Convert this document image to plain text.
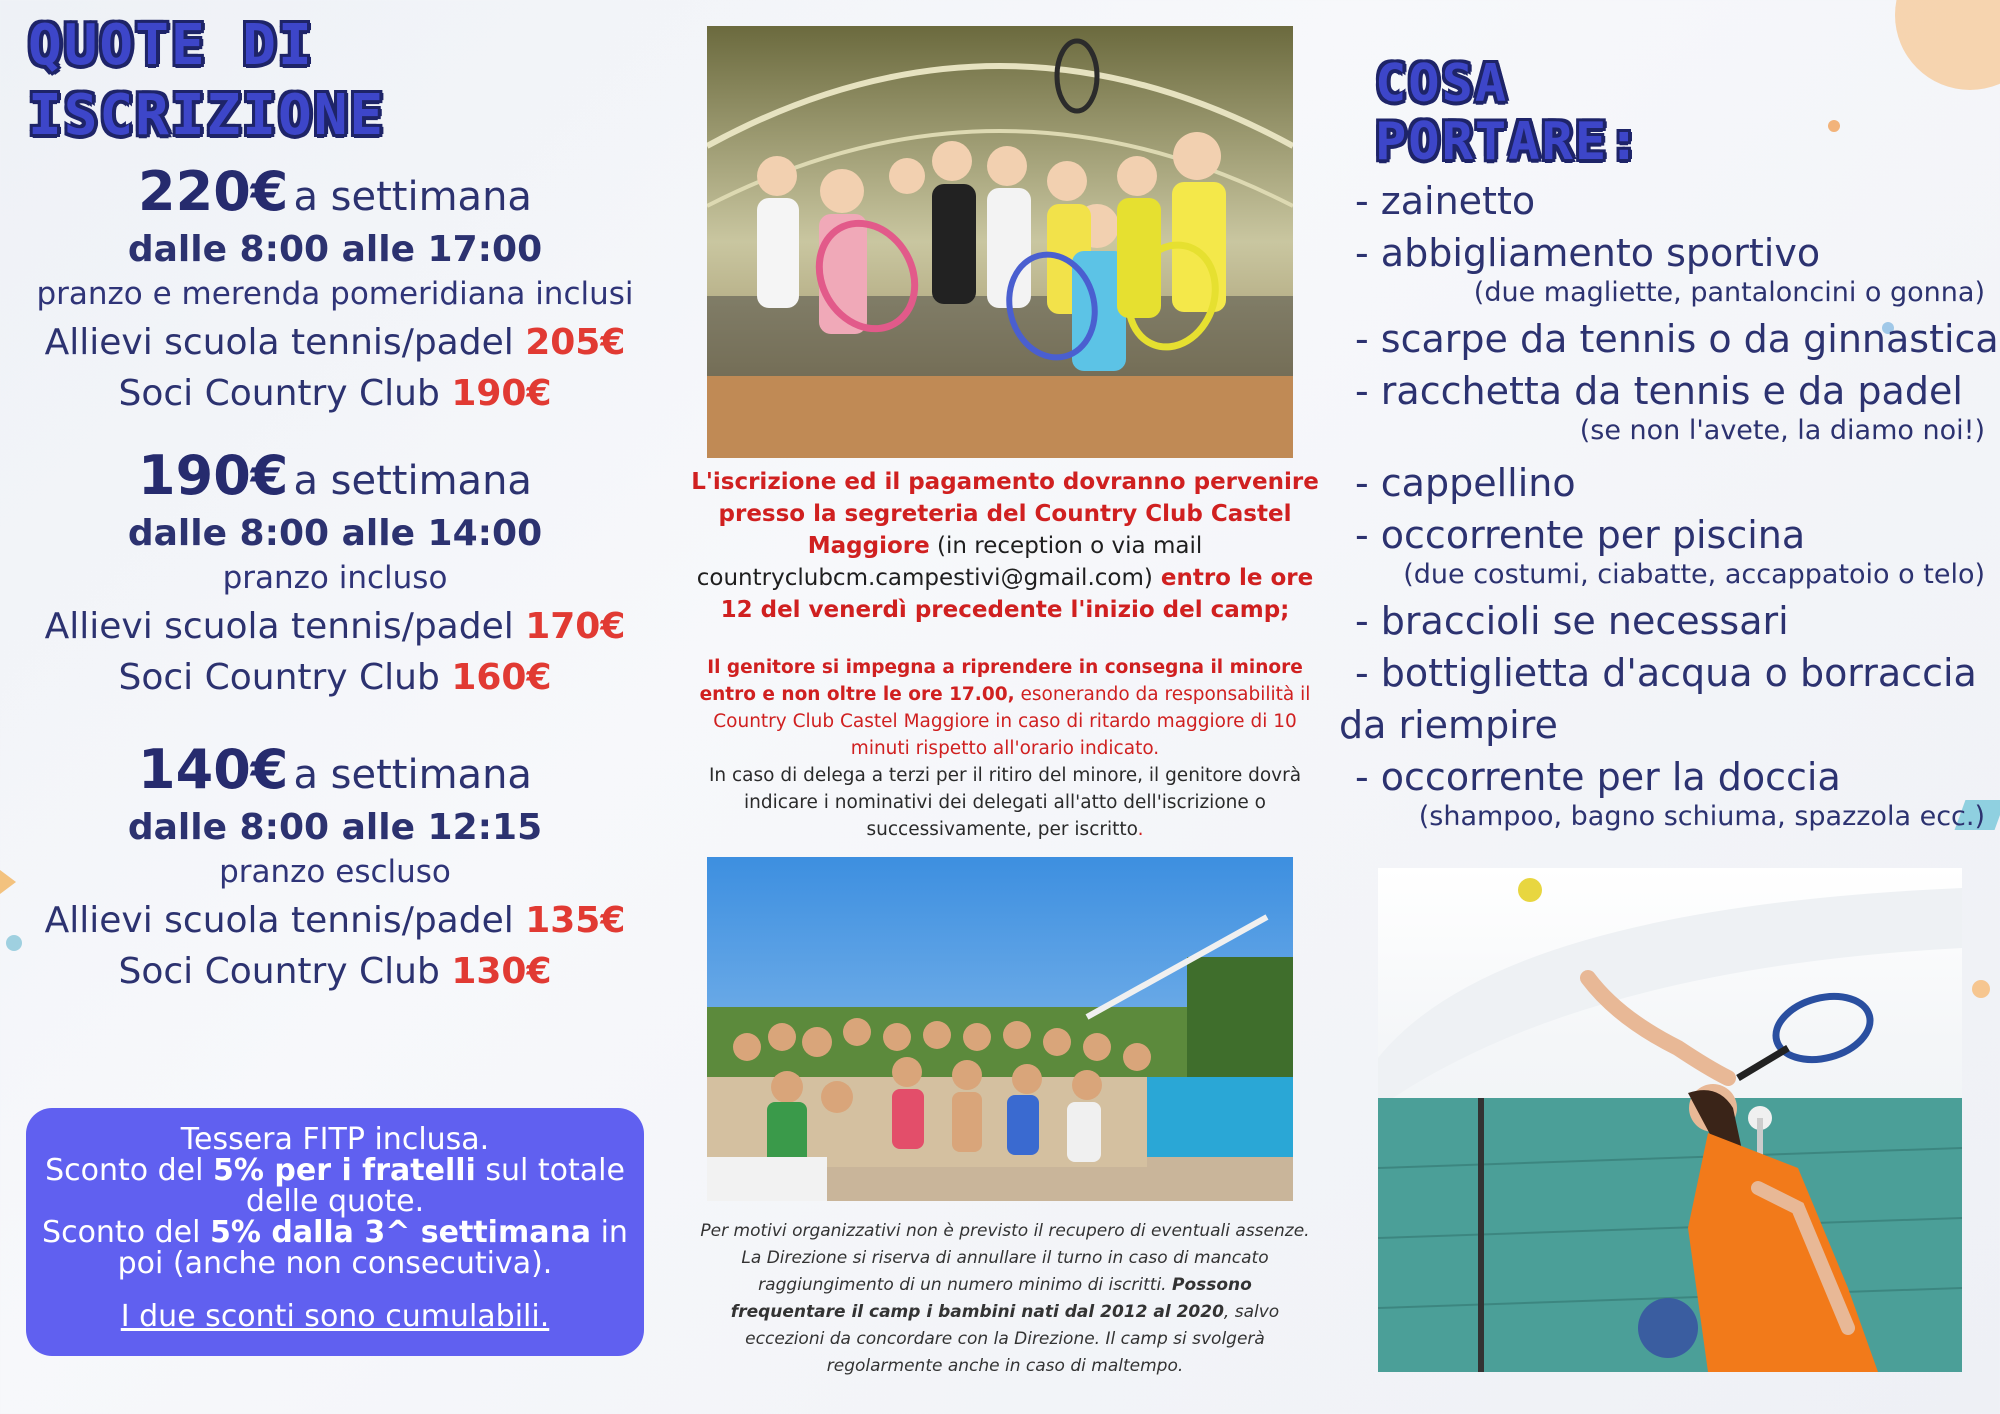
QUOTE DI
ISCRIZIONE
220€ a settimana
dalle 8:00 alle 17:00
pranzo e merenda pomeridiana inclusi
Allievi scuola tennis/padel 205€
Soci Country Club 190€
190€ a settimana
dalle 8:00 alle 14:00
pranzo incluso
Allievi scuola tennis/padel 170€
Soci Country Club 160€
140€ a settimana
dalle 8:00 alle 12:15
pranzo escluso
Allievi scuola tennis/padel 135€
Soci Country Club 130€
Tessera FITP inclusa.
Sconto del 5% per i fratelli sul totale delle quote.
Sconto del 5% dalla 3^ settimana in poi (anche non consecutiva).
I due sconti sono cumulabili.
L'iscrizione ed il pagamento dovranno pervenire presso la segreteria del Country Club Castel Maggiore (in reception o via mail countryclubcm.campestivi@gmail.com) entro le ore 12 del venerdì precedente l'inizio del camp;
Il genitore si impegna a riprendere in consegna il minore entro e non oltre le ore 17.00, esonerando da responsabilità il Country Club Castel Maggiore in caso di ritardo maggiore di 10 minuti rispetto all'orario indicato.
In caso di delega a terzi per il ritiro del minore, il genitore dovrà indicare i nominativi dei delegati all'atto dell'iscrizione o successivamente, per iscritto.
Per motivi organizzativi non è previsto il recupero di eventuali assenze. La Direzione si riserva di annullare il turno in caso di mancato raggiungimento di un numero minimo di iscritti. Possono frequentare il camp i bambini nati dal 2012 al 2020, salvo eccezioni da concordare con la Direzione. Il camp si svolgerà regolarmente anche in caso di maltempo.
COSA
PORTARE:
- zainetto
- abbigliamento sportivo
(due magliette, pantaloncini o gonna)
- scarpe da tennis o da ginnastica
- racchetta da tennis e da padel
(se non l'avete, la diamo noi!)
- cappellino
- occorrente per piscina
(due costumi, ciabatte, accappatoio o telo)
- braccioli se necessari
- bottiglietta d'acqua o borraccia
da riempire
- occorrente per la doccia
(shampoo, bagno schiuma, spazzola ecc.)
